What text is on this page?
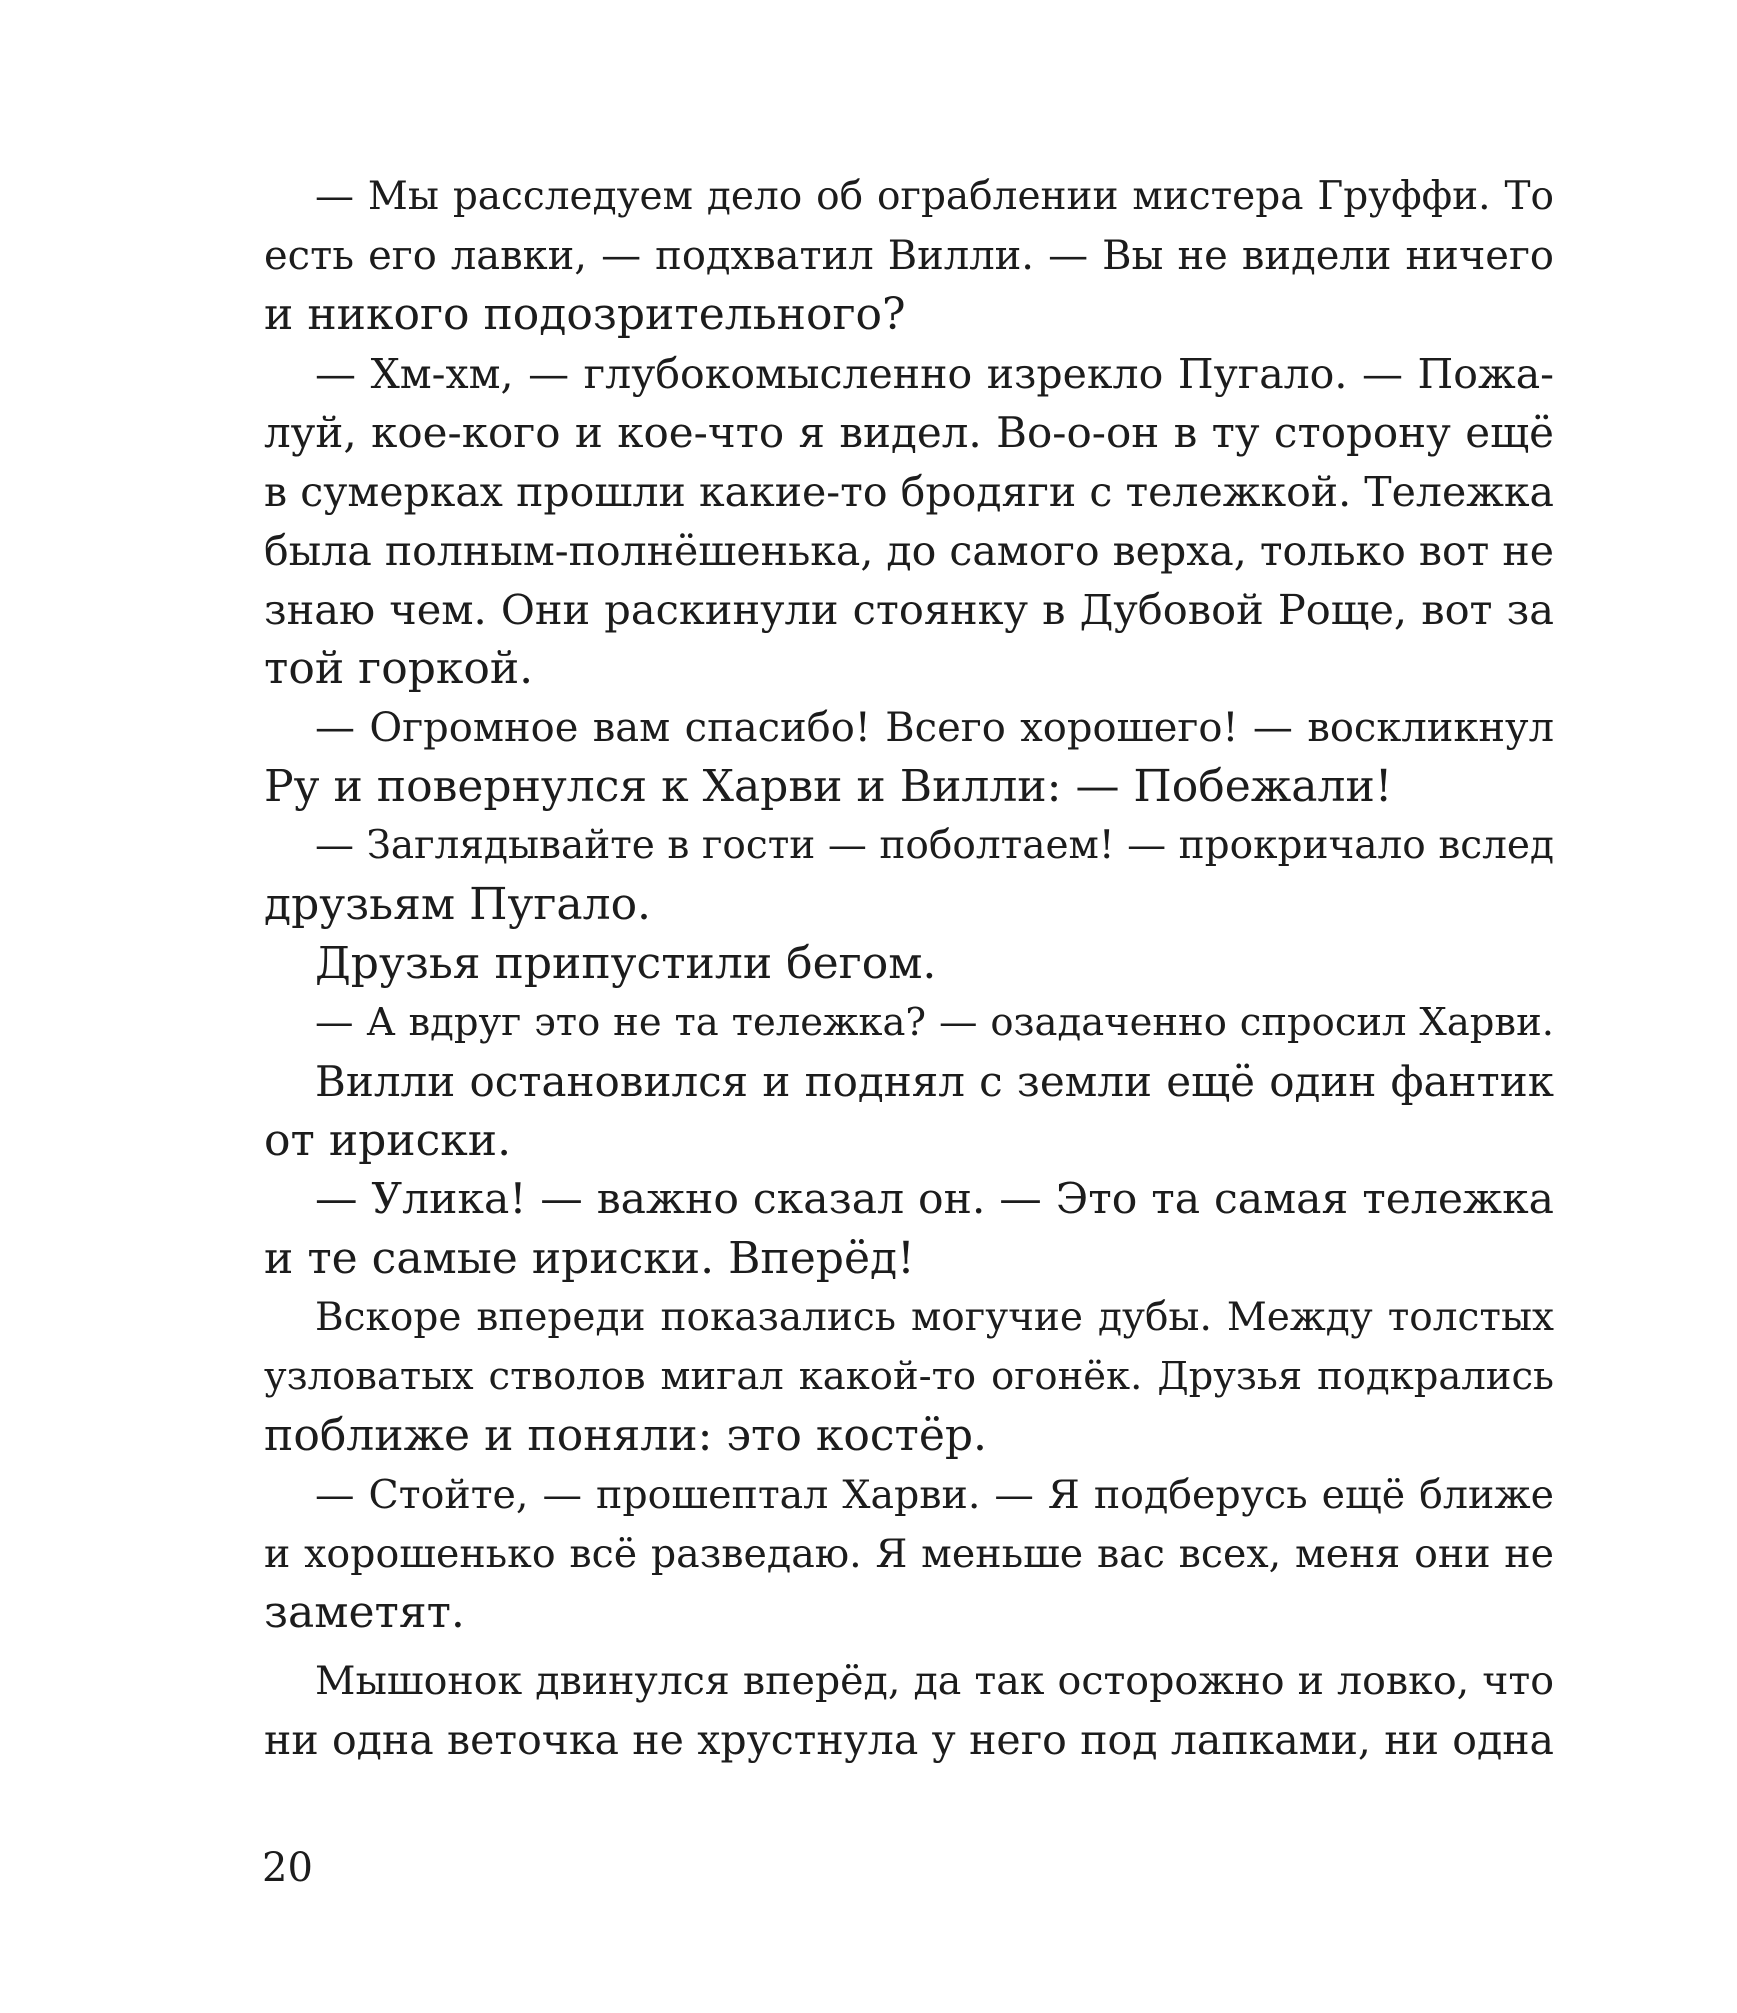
— Мы расследуем дело об ограблении мистера Груффи. То
есть его лавки, — подхватил Вилли. — Вы не видели ничего
и никого подозрительного?
— Хм-хм, — глубокомысленно изрекло Пугало. — Пожа-
луй, кое-кого и кое-что я видел. Во-о-он в ту сторону ещё
в сумерках прошли какие-то бродяги с тележкой. Тележка
была полным-полнёшенька, до самого верха, только вот не
знаю чем. Они раскинули стоянку в Дубовой Роще, вот за
той горкой.
— Огромное вам спасибо! Всего хорошего! — воскликнул
Ру и повернулся к Харви и Вилли: — Побежали!
— Заглядывайте в гости — поболтаем! — прокричало вслед
друзьям Пугало.
Друзья припустили бегом.
— А вдруг это не та тележка? — озадаченно спросил Харви.
Вилли остановился и поднял с земли ещё один фантик
от ириски.
— Улика! — важно сказал он. — Это та самая тележка
и те самые ириски. Вперёд!
Вскоре впереди показались могучие дубы. Между толстых
узловатых стволов мигал какой-то огонёк. Друзья подкрались
поближе и поняли: это костёр.
— Стойте, — прошептал Харви. — Я подберусь ещё ближе
и хорошенько всё разведаю. Я меньше вас всех, меня они не
заметят.
Мышонок двинулся вперёд, да так осторожно и ловко, что
ни одна веточка не хрустнула у него под лапками, ни одна
20
